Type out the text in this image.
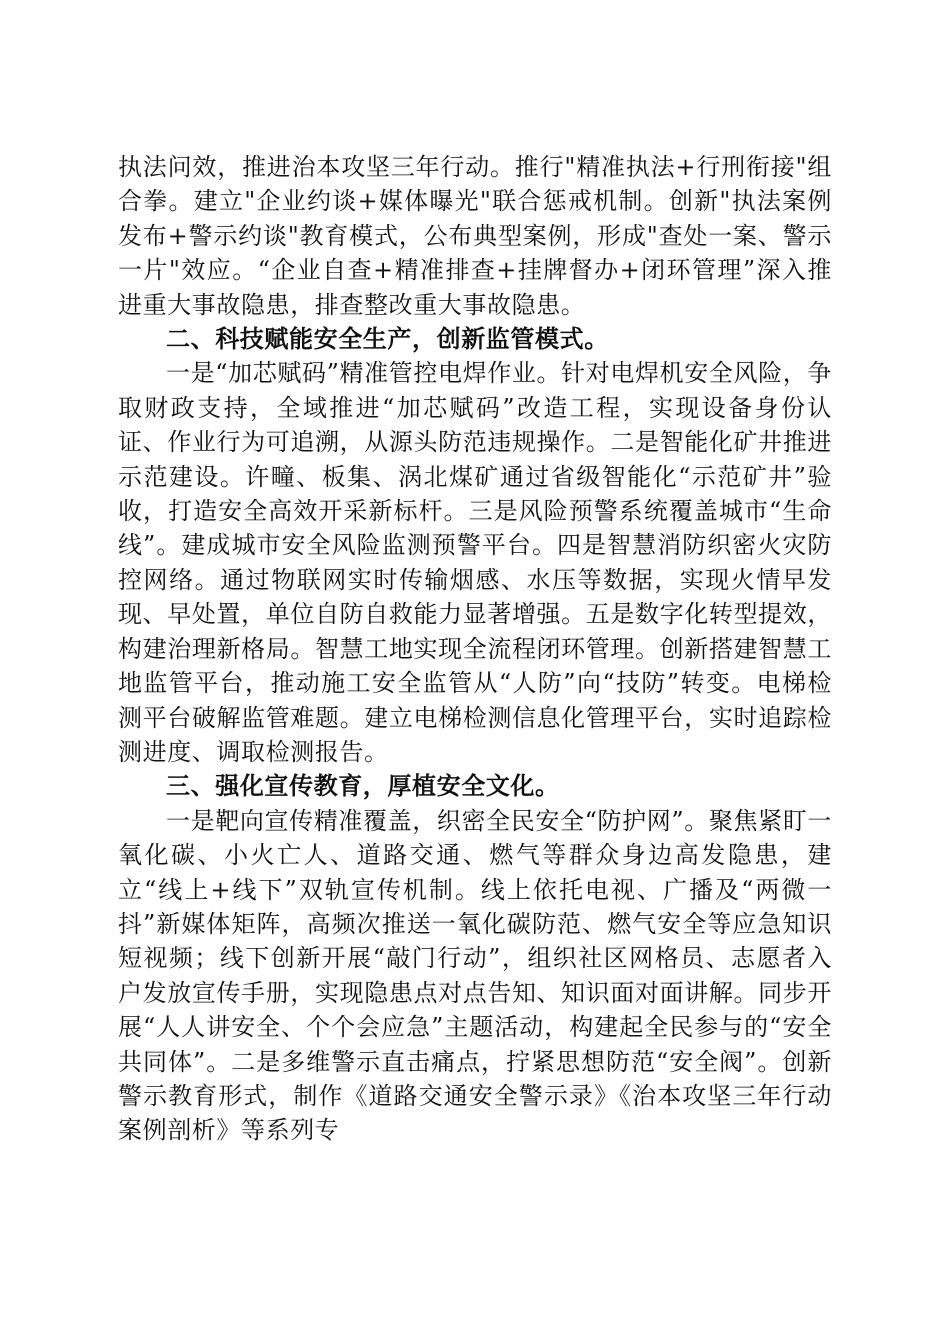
执法问效，推进治本攻坚三年行动。推行"精准执法+行刑衔接"组合拳。建立"企业约谈+媒体曝光"联合惩戒机制。创新"执法案例发布+警示约谈"教育模式，公布典型案例，形成"查处一案、警示一片"效应。“企业自查+精准排查+挂牌督办+闭环管理”深入推进重大事故隐患，排查整改重大事故隐患。

二、科技赋能安全生产，创新监管模式。

一是“加芯赋码”精准管控电焊作业。针对电焊机安全风险，争取财政支持，全域推进“加芯赋码”改造工程，实现设备身份认证、作业行为可追溯，从源头防范违规操作。二是智能化矿井推进示范建设。许疃、板集、涡北煤矿通过省级智能化“示范矿井”验收，打造安全高效开采新标杆。三是风险预警系统覆盖城市“生命线”。建成城市安全风险监测预警平台。四是智慧消防织密火灾防控网络。通过物联网实时传输烟感、水压等数据，实现火情早发现、早处置，单位自防自救能力显著增强。五是数字化转型提效，构建治理新格局。智慧工地实现全流程闭环管理。创新搭建智慧工地监管平台，推动施工安全监管从“人防”向“技防”转变。电梯检测平台破解监管难题。建立电梯检测信息化管理平台，实时追踪检测进度、调取检测报告。

三、强化宣传教育，厚植安全文化。

一是靶向宣传精准覆盖，织密全民安全“防护网”。聚焦紧盯一氧化碳、小火亡人、道路交通、燃气等群众身边高发隐患，建立“线上+线下”双轨宣传机制。线上依托电视、广播及“两微一抖”新媒体矩阵，高频次推送一氧化碳防范、燃气安全等应急知识短视频；线下创新开展“敲门行动”，组织社区网格员、志愿者入户发放宣传手册，实现隐患点对点告知、知识面对面讲解。同步开展“人人讲安全、个个会应急”主题活动，构建起全民参与的“安全共同体”。二是多维警示直击痛点，拧紧思想防范“安全阀”。创新警示教育形式，制作《道路交通安全警示录》《治本攻坚三年行动案例剖析》等系列专
